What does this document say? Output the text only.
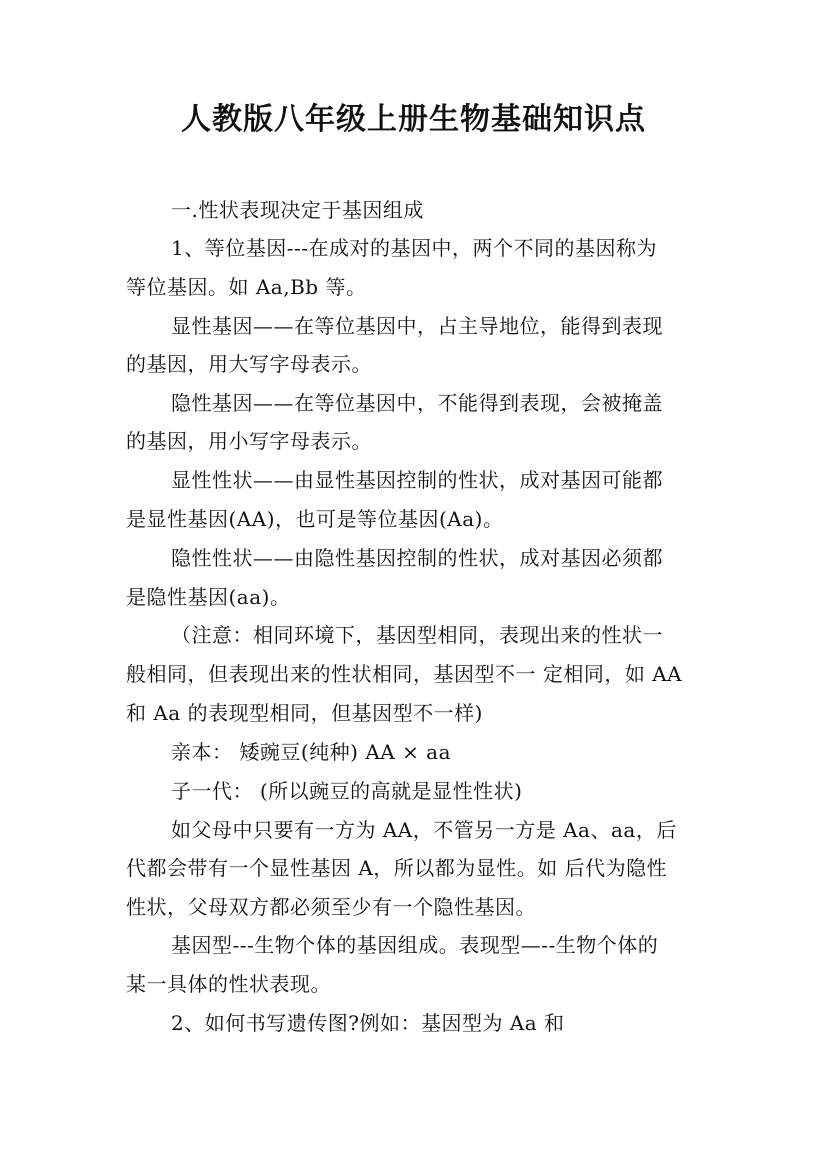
人教版八年级上册生物基础知识点
一.性状表现决定于基因组成
1、等位基因---在成对的基因中，两个不同的基因称为
等位基因。如 Aa,Bb 等。
显性基因——在等位基因中，占主导地位，能得到表现
的基因，用大写字母表示。
隐性基因——在等位基因中，不能得到表现，会被掩盖
的基因，用小写字母表示。
显性性状——由显性基因控制的性状，成对基因可能都
是显性基因(AA)，也可是等位基因(Aa)。
隐性性状——由隐性基因控制的性状，成对基因必须都
是隐性基因(aa)。
（注意：相同环境下，基因型相同，表现出来的性状一
般相同，但表现出来的性状相同，基因型不一 定相同，如 AA
和 Aa 的表现型相同，但基因型不一样)
亲本： 矮豌豆(纯种) AA × aa
子一代： (所以豌豆的高就是显性性状)
如父母中只要有一方为 AA，不管另一方是 Aa、aa，后
代都会带有一个显性基因 A，所以都为显性。如 后代为隐性
性状，父母双方都必须至少有一个隐性基因。
基因型---生物个体的基因组成。表现型—--生物个体的
某一具体的性状表现。
2、如何书写遗传图?例如：基因型为 Aa 和
